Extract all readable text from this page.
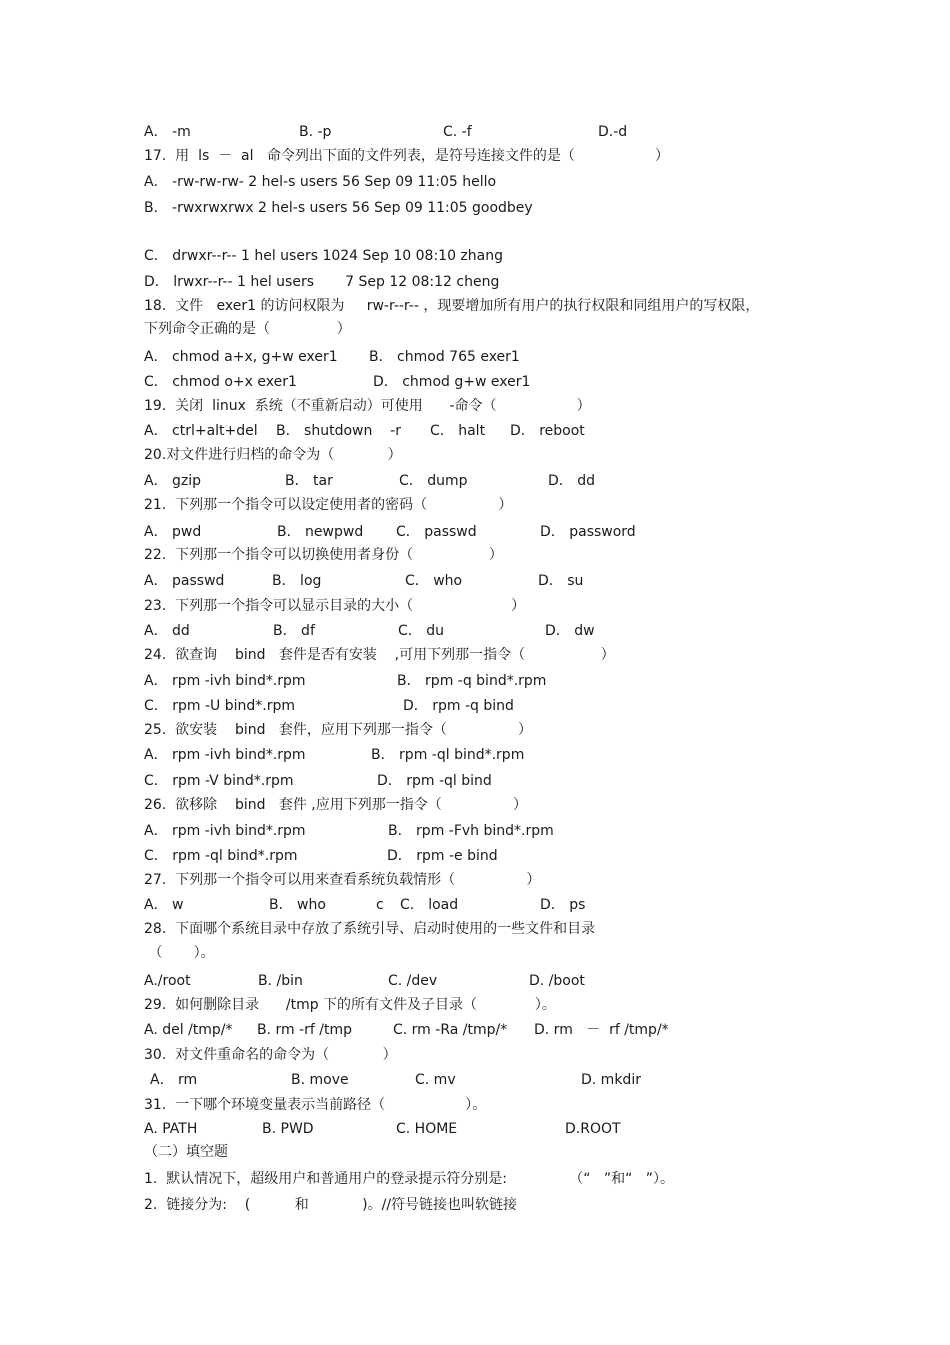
A． -m	B. -p	C. -f	D.-d
17.  用  ls  －  al   命令列出下面的文件列表，是符号连接文件的是（                  ）
A． -rw-rw-rw- 2 hel-s users 56 Sep 09 11:05 hello
B． -rwxrwxrwx 2 hel-s users 56 Sep 09 11:05 goodbey
C． drwxr--r-- 1 hel users 1024 Sep 10 08:10 zhang
D． lrwxr--r-- 1 hel users       7 Sep 12 08:12 cheng
18.  文件   exer1 的访问权限为     rw-r--r-- ，现要增加所有用户的执行权限和同组用户的写权限，
下列命令正确的是（               ）
A． chmod a+x, g+w exer1 B． chmod 765 exer1
C． chmod o+x exer1	D． chmod g+w exer1
19.  关闭  linux  系统（不重新启动）可使用      -命令（                  ）
A． ctrl+alt+del B． shutdown    -r C． halt D． reboot
20.对文件进行归档的命令为（            ）
A． gzip	B． tar	C． dump	D． dd
21.  下列那一个指令可以设定使用者的密码（                ）
A． pwd	B． newpwd C． passwd	D． password
22.  下列那一个指令可以切换使用者身份（                 ）
A． passwd	B． log	C． who	D． su
23.  下列那一个指令可以显示目录的大小（                      ）
A． dd	B． df	C． du	D． dw
24.  欲查询    bind   套件是否有安装    ,可用下列那一指令（                 ）
A． rpm -ivh bind*.rpm	B． rpm -q bind*.rpm
C． rpm -U bind*.rpm	D． rpm -q bind
25.  欲安装    bind   套件，应用下列那一指令（                ）
A． rpm -ivh bind*.rpm	B． rpm -ql bind*.rpm
C． rpm -V bind*.rpm	D． rpm -ql bind
26.  欲移除    bind   套件 ,应用下列那一指令（                ）
A． rpm -ivh bind*.rpm	B． rpm -Fvh bind*.rpm
C． rpm -ql bind*.rpm	D． rpm -e bind
27.  下列那一个指令可以用来查看系统负载情形（                ）
A． w	B． who	c C． load	D． ps
28.  下面哪个系统目录中存放了系统引导、启动时使用的一些文件和目录
（       ）。
A./root	B. /bin	C. /dev	D. /boot
29.  如何删除目录      /tmp 下的所有文件及子目录（             ）。
A. del /tmp/* B. rm -rf /tmp	C. rm -Ra /tmp/* D. rm   －  rf /tmp/*
30.  对文件重命名的命令为（            ）
A． rm	B. move	C. mv	D. mkdir
31.  一下哪个环境变量表示当前路径（                  ）。
A. PATH	B. PWD	C. HOME	D.ROOT
（二）填空题
1.  默认情况下，超级用户和普通用户的登录提示符分别是:              （“   ”和“   ”）。
2.  链接分为:    (          和            )。//符号链接也叫软链接
